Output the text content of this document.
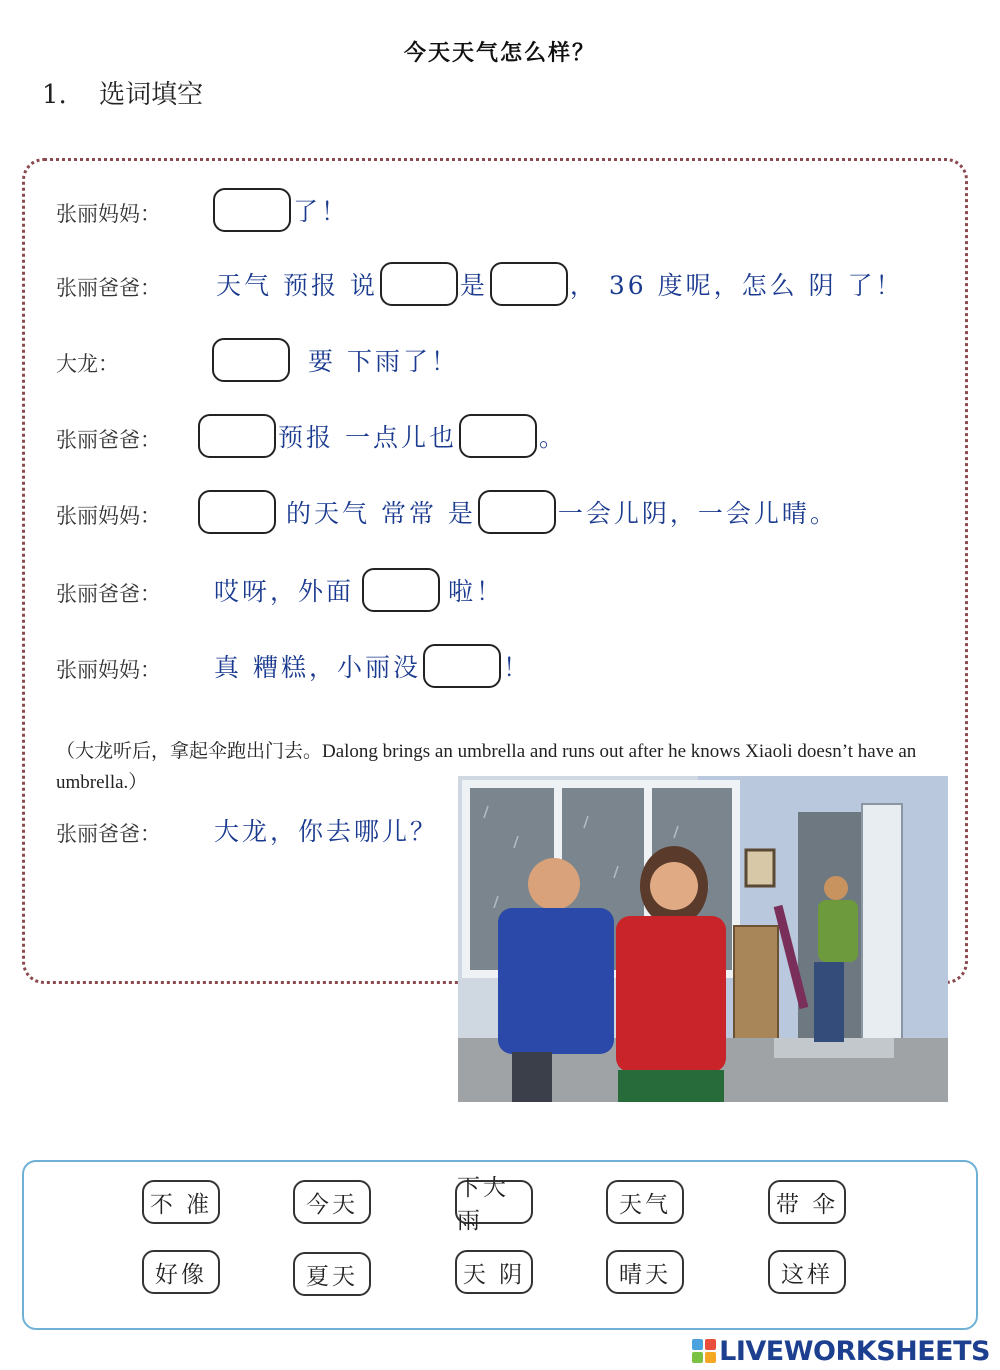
今天天气怎么样？
1. 选词填空
张丽妈妈：	了！
张丽爸爸： 天气 预报 说	是	， 36 度呢，怎么 阴 了！
大龙：	要 下雨了！
张丽爸爸：	预报 一点儿也	。
张丽妈妈：	的天气 常常 是	一会儿阴，一会儿晴。
张丽爸爸： 哎呀，外面	啦！
张丽妈妈： 真 糟糕，小丽没	！
（大龙听后，拿起伞跑出门去。Dalong brings an umbrella and runs out after he knows Xiaoli doesn’t have an umbrella.）
张丽爸爸： 大龙，你去哪儿？
不 准	今天
下大雨
天气	带 伞
好像	夏天	天 阴	晴天	这样
LIVEWORKSHEETS
